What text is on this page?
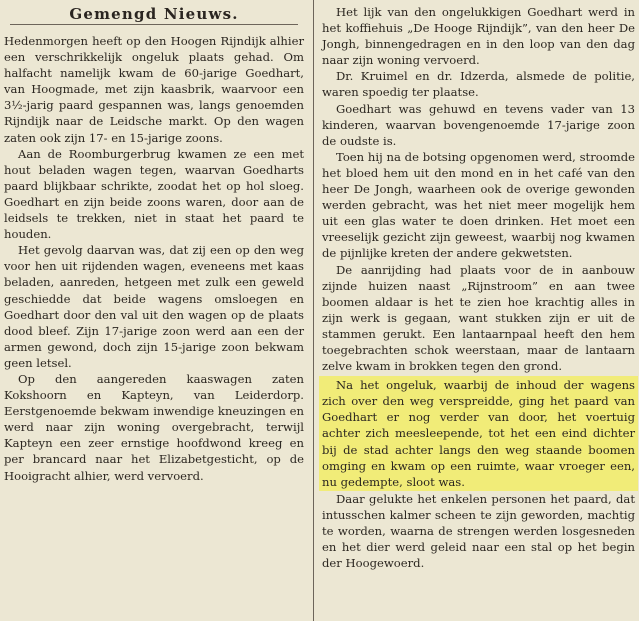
Gemengd Nieuws.

Hedenmorgen heeft op den Hoogen Rijndijk alhier een verschrikkelijk ongeluk plaats gehad. Om halfacht namelijk kwam de 60-jarige Goedhart, van Hoogmade, met zijn kaasbrik, waarvoor een 3½-jarig paard gespannen was, langs genoemden Rijndijk naar de Leidsche markt. Op den wagen zaten ook zijn 17- en 15-jarige zoons.

Aan de Roomburgerbrug kwamen ze een met hout beladen wagen tegen, waarvan Goedharts paard blijkbaar schrikte, zoodat het op hol sloeg. Goedhart en zijn beide zoons waren, door aan de leidsels te trekken, niet in staat het paard te houden.

Het gevolg daarvan was, dat zij een op den weg voor hen uit rijdenden wagen, eveneens met kaas beladen, aanreden, hetgeen met zulk een geweld geschiedde dat beide wagens omsloegen en Goedhart door den val uit den wagen op de plaats dood bleef. Zijn 17-jarige zoon werd aan een der armen gewond, doch zijn 15-jarige zoon bekwam geen letsel.

Op den aangereden kaaswagen zaten Kokshoorn en Kapteyn, van Leiderdorp. Eerstgenoemde bekwam inwendige kneuzingen en werd naar zijn woning overgebracht, terwijl Kapteyn een zeer ernstige hoofdwond kreeg en per brancard naar het Elizabetgesticht, op de Hooigracht alhier, werd vervoerd.

Het lijk van den ongelukkigen Goedhart werd in het koffiehuis „De Hooge Rijndijk”, van den heer De Jongh, binnengedragen en in den loop van den dag naar zijn woning vervoerd.

Dr. Kruimel en dr. Idzerda, alsmede de politie, waren spoedig ter plaatse.

Goedhart was gehuwd en tevens vader van 13 kinderen, waarvan bovengenoemde 17-jarige zoon de oudste is.

Toen hij na de botsing opgenomen werd, stroomde het bloed hem uit den mond en in het café van den heer De Jongh, waarheen ook de overige gewonden werden gebracht, was het niet meer mogelijk hem uit een glas water te doen drinken. Het moet een vreeselijk gezicht zijn geweest, waarbij nog kwamen de pijnlijke kreten der andere gekwetsten.

De aanrijding had plaats voor de in aanbouw zijnde huizen naast „Rijnstroom” en aan twee boomen aldaar is het te zien hoe krachtig alles in zijn werk is gegaan, want stukken zijn er uit de stammen gerukt. Een lantaarnpaal heeft den hem toegebrachten schok weerstaan, maar de lantaarn zelve kwam in brokken tegen den grond.

Na het ongeluk, waarbij de inhoud der wagens zich over den weg verspreidde, ging het paard van Goedhart er nog verder van door, het voertuig achter zich meesleepende, tot het een eind dichter bij de stad achter langs den weg staande boomen omging en kwam op een ruimte, waar vroeger een, nu gedempte, sloot was.

Daar gelukte het enkelen personen het paard, dat intusschen kalmer scheen te zijn geworden, machtig te worden, waarna de strengen werden losgesneden en het dier werd geleid naar een stal op het begin der Hoogewoerd.
